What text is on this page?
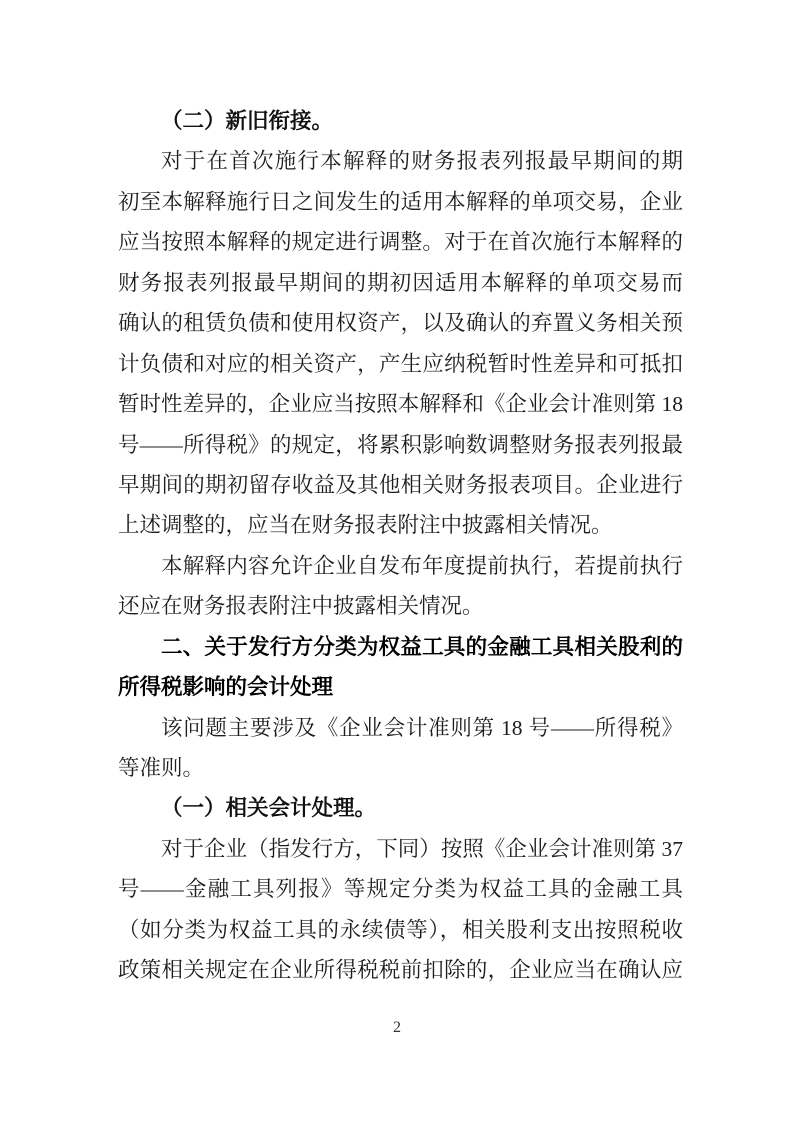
（二）新旧衔接。
对于在首次施行本解释的财务报表列报最早期间的期
初至本解释施行日之间发生的适用本解释的单项交易，企业
应当按照本解释的规定进行调整。对于在首次施行本解释的
财务报表列报最早期间的期初因适用本解释的单项交易而
确认的租赁负债和使用权资产，以及确认的弃置义务相关预
计负债和对应的相关资产，产生应纳税暂时性差异和可抵扣
暂时性差异的，企业应当按照本解释和《企业会计准则第 18
号——所得税》的规定，将累积影响数调整财务报表列报最
早期间的期初留存收益及其他相关财务报表项目。企业进行
上述调整的，应当在财务报表附注中披露相关情况。
本解释内容允许企业自发布年度提前执行，若提前执行
还应在财务报表附注中披露相关情况。
二、关于发行方分类为权益工具的金融工具相关股利的
所得税影响的会计处理
该问题主要涉及《企业会计准则第 18 号——所得税》
等准则。
（一）相关会计处理。
对于企业（指发行方，下同）按照《企业会计准则第 37
号——金融工具列报》等规定分类为权益工具的金融工具
（如分类为权益工具的永续债等），相关股利支出按照税收
政策相关规定在企业所得税税前扣除的，企业应当在确认应
2
